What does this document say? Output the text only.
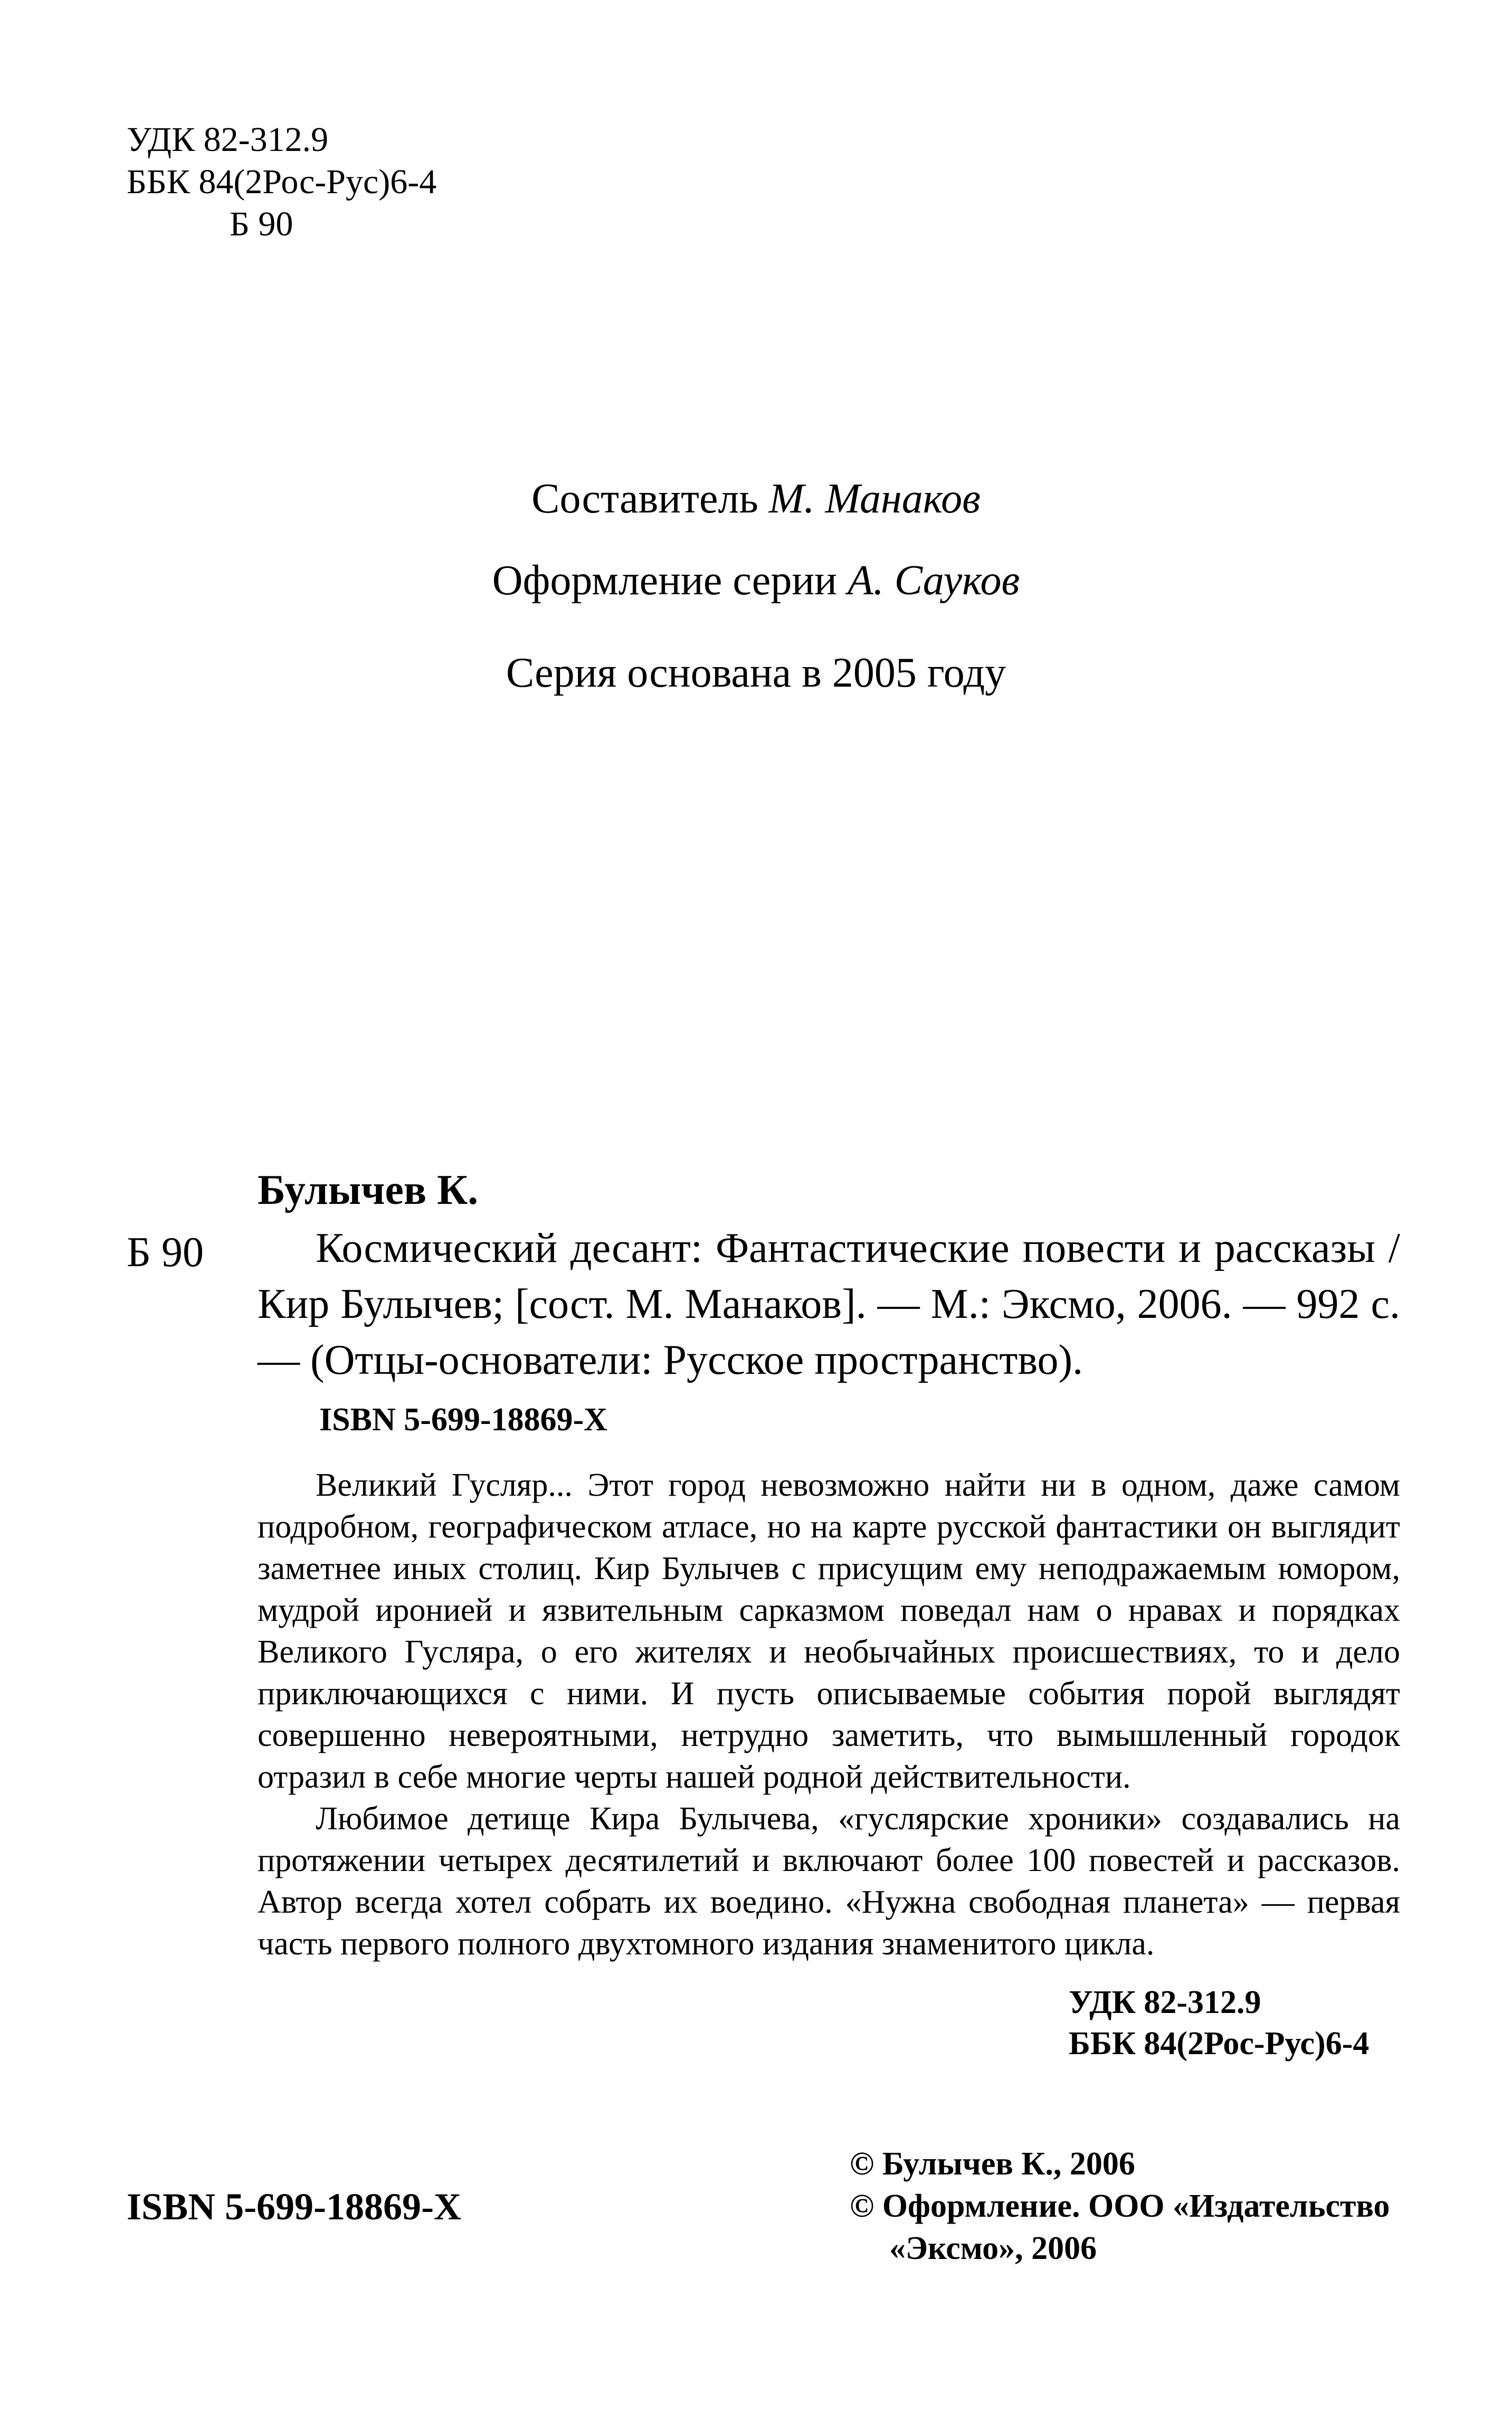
УДК 82-312.9
ББК 84(2Рос-Рус)6-4
Б 90
Составитель М. Манаков
Оформление серии А. Сауков
Серия основана в 2005 году
Булычев К.
Б 90	Космический десант: Фантастические повести и рассказы / Кир Булычев; [сост. М. Манаков]. — М.: Эксмо, 2006. — 992 с. — (Отцы-основатели: Русское пространство).
ISBN 5-699-18869-X

Великий Гусляр... Этот город невозможно найти ни в одном, даже самом подробном, географическом атласе, но на карте русской фантастики он выглядит заметнее иных столиц. Кир Булычев с присущим ему неподражаемым юмором, мудрой иронией и язвительным сарказмом поведал нам о нравах и порядках Великого Гусляра, о его жителях и необычайных происшествиях, то и дело приключающихся с ними. И пусть описываемые события порой выглядят совершенно невероятными, нетрудно заметить, что вымышленный городок отразил в себе многие черты нашей родной действительности.

Любимое детище Кира Булычева, «гуслярские хроники» создавались на протяжении четырех десятилетий и включают более 100 повестей и рассказов. Автор всегда хотел собрать их воедино. «Нужна свободная планета» — первая часть первого полного двухтомного издания знаменитого цикла.

УДК 82-312.9
ББК 84(2Рос-Рус)6-4
© Булычев К., 2006
© Оформление. ООО «Издательство
«Эксмо», 2006
ISBN 5-699-18869-X
